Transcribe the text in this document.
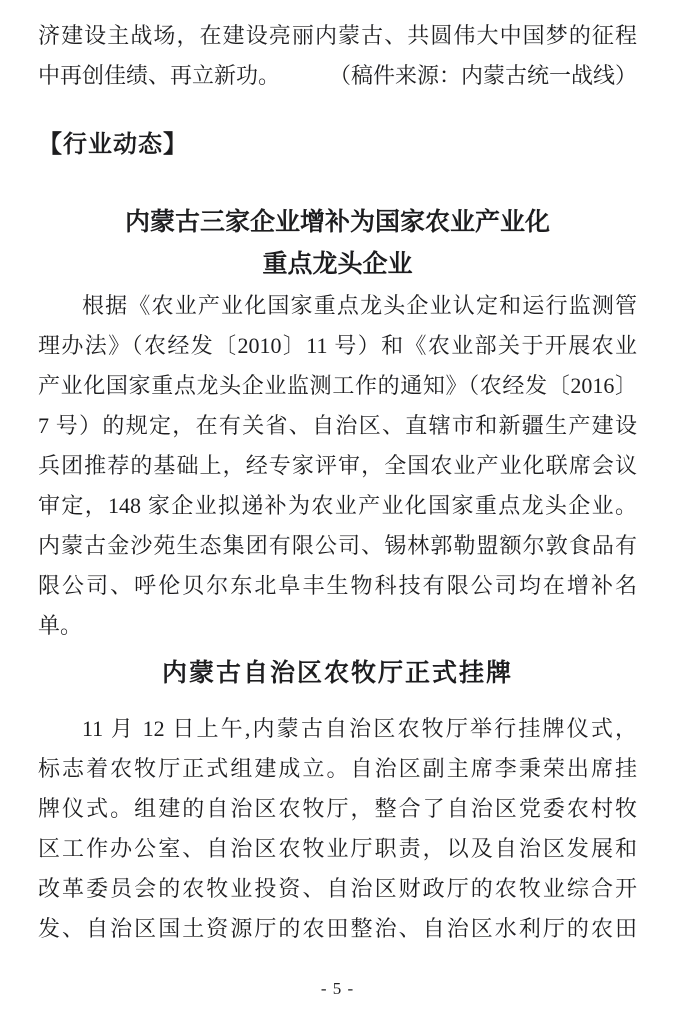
济建设主战场，在建设亮丽内蒙古、共圆伟大中国梦的征程
中再创佳绩、再立新功。 （稿件来源：内蒙古统一战线）
【行业动态】
内蒙古三家企业增补为国家农业产业化
重点龙头企业
根据《农业产业化国家重点龙头企业认定和运行监测管
理办法》（农经发〔2010〕11 号）和《农业部关于开展农业
产业化国家重点龙头企业监测工作的通知》（农经发〔2016〕
7 号）的规定，在有关省、自治区、直辖市和新疆生产建设
兵团推荐的基础上，经专家评审，全国农业产业化联席会议
审定，148 家企业拟递补为农业产业化国家重点龙头企业。
内蒙古金沙苑生态集团有限公司、锡林郭勒盟额尔敦食品有
限公司、呼伦贝尔东北阜丰生物科技有限公司均在增补名
单。
内蒙古自治区农牧厅正式挂牌
11 月 12 日上午,内蒙古自治区农牧厅举行挂牌仪式，
标志着农牧厅正式组建成立。自治区副主席李秉荣出席挂
牌仪式。组建的自治区农牧厅，整合了自治区党委农村牧
区工作办公室、自治区农牧业厅职责，以及自治区发展和
改革委员会的农牧业投资、自治区财政厅的农牧业综合开
发、自治区国土资源厅的农田整治、自治区水利厅的农田
- 5 -
